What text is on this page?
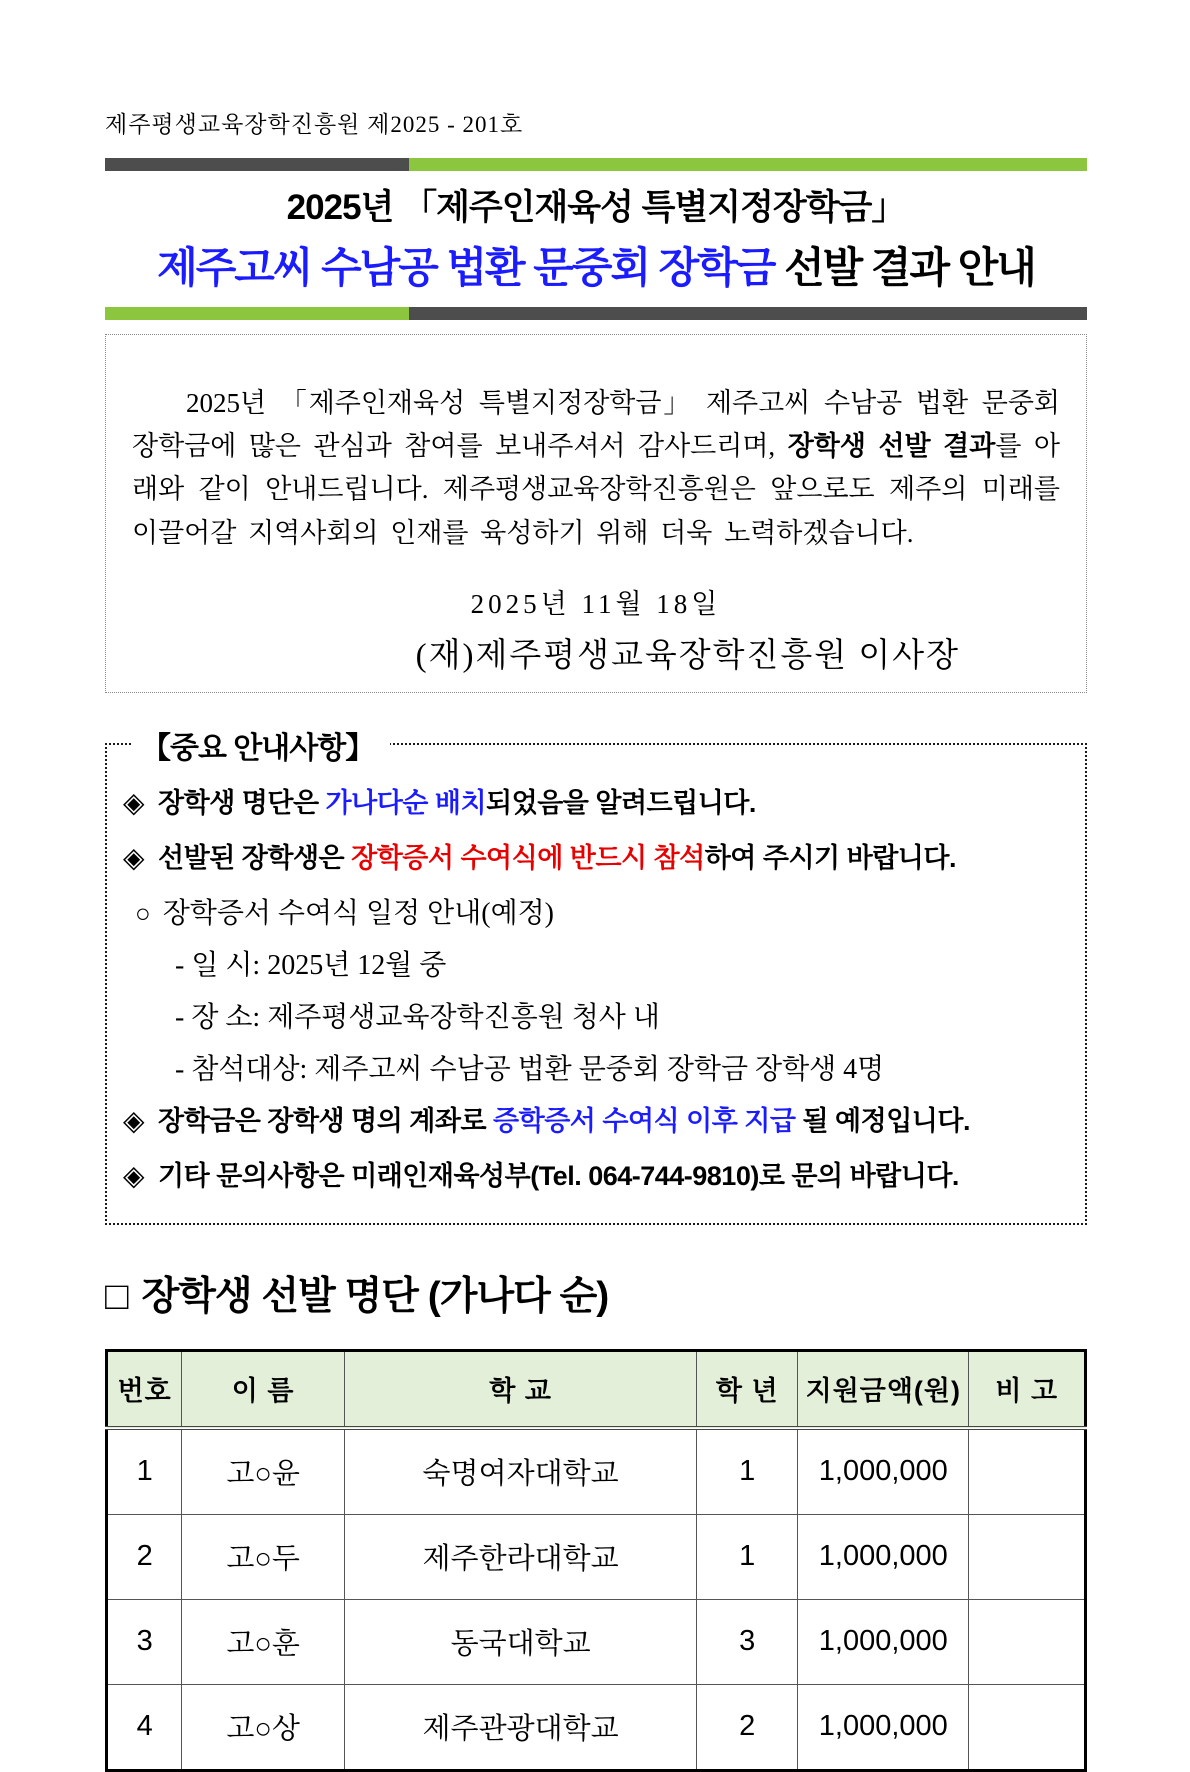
제주평생교육장학진흥원 제2025 - 201호
2025년 「제주인재육성 특별지정장학금」
제주고씨 수남공 법환 문중회 장학금 선발 결과 안내

2025년 「제주인재육성 특별지정장학금」 제주고씨 수남공 법환 문중회 장학금에 많은 관심과 참여를 보내주셔서 감사드리며, 장학생 선발 결과를 아래와 같이 안내드립니다. 제주평생교육장학진흥원은 앞으로도 제주의 미래를 이끌어갈 지역사회의 인재를 육성하기 위해 더욱 노력하겠습니다.

2025년 11월 18일
(재)제주평생교육장학진흥원 이사장
【중요 안내사항】
◈ 장학생 명단은 가나다순 배치되었음을 알려드립니다.
◈ 선발된 장학생은 장학증서 수여식에 반드시 참석하여 주시기 바랍니다.
○ 장학증서 수여식 일정 안내(예정)
- 일 시: 2025년 12월 중
- 장 소: 제주평생교육장학진흥원 청사 내
- 참석대상: 제주고씨 수남공 법환 문중회 장학금 장학생 4명
◈ 장학금은 장학생 명의 계좌로 증학증서 수여식 이후 지급 될 예정입니다.
◈ 기타 문의사항은 미래인재육성부(Tel. 064-744-9810)로 문의 바랍니다.
□ 장학생 선발 명단 (가나다 순)
번호	이 름	학 교	학 년	지원금액(원)	비 고
1	고○윤	숙명여자대학교	1	1,000,000	
2	고○두	제주한라대학교	1	1,000,000	
3	고○훈	동국대학교	3	1,000,000	
4	고○상	제주관광대학교	2	1,000,000	
